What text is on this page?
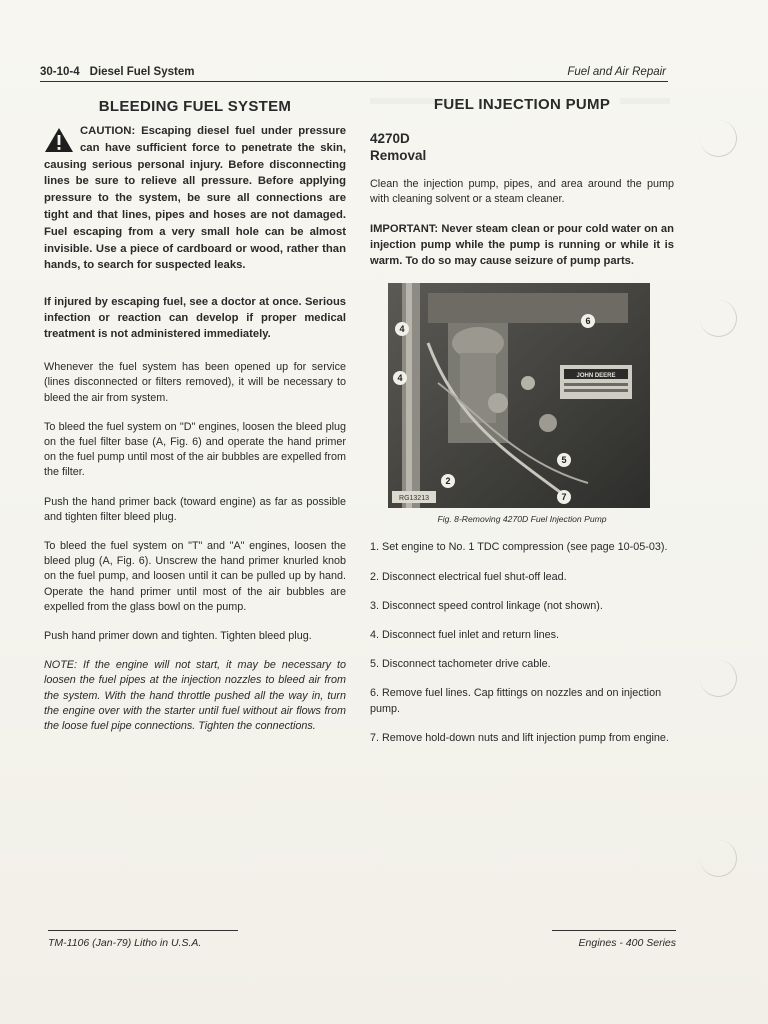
30-10-4 Diesel Fuel System	Fuel and Air Repair
BLEEDING FUEL SYSTEM
CAUTION: Escaping diesel fuel under pressure can have sufficient force to penetrate the skin, causing serious personal injury. Before disconnecting lines be sure to relieve all pressure. Before applying pressure to the system, be sure all connections are tight and that lines, pipes and hoses are not damaged. Fuel escaping from a very small hole can be almost invisible. Use a piece of cardboard or wood, rather than hands, to search for suspected leaks.

If injured by escaping fuel, see a doctor at once. Serious infection or reaction can develop if proper medical treatment is not administered immediately.

Whenever the fuel system has been opened up for service (lines disconnected or filters removed), it will be necessary to bleed the air from system.

To bleed the fuel system on "D" engines, loosen the bleed plug on the fuel filter base (A, Fig. 6) and operate the hand primer on the fuel pump until most of the air bubbles are expelled from the filter.

Push the hand primer back (toward engine) as far as possible and tighten filter bleed plug.

To bleed the fuel system on "T" and "A" engines, loosen the bleed plug (A, Fig. 6). Unscrew the hand primer knurled knob on the fuel pump, and loosen until it can be pulled up by hand. Operate the hand primer until most of the air bubbles are expelled from the glass bowl on the pump.

Push hand primer down and tighten. Tighten bleed plug.

NOTE: If the engine will not start, it may be necessary to loosen the fuel pipes at the injection nozzles to bleed air from the system. With the hand throttle pushed all the way in, turn the engine over with the starter until fuel without air flows from the loose fuel pipe connections. Tighten the connections.

FUEL INJECTION PUMP
4270D
Removal

Clean the injection pump, pipes, and area around the pump with cleaning solvent or a steam cleaner.

IMPORTANT: Never steam clean or pour cold water on an injection pump while the pump is running or while it is warm. To do so may cause seizure of pump parts.

JOHN DEERE
RG13213
4
4
6
5
2
7
Fig. 8-Removing 4270D Fuel Injection Pump
1. Set engine to No. 1 TDC compression (see page 10-05-03).
2. Disconnect electrical fuel shut-off lead.
3. Disconnect speed control linkage (not shown).
4. Disconnect fuel inlet and return lines.
5. Disconnect tachometer drive cable.
6. Remove fuel lines. Cap fittings on nozzles and on injection pump.
7. Remove hold-down nuts and lift injection pump from engine.
TM-1106 (Jan-79) Litho in U.S.A.	Engines - 400 Series
